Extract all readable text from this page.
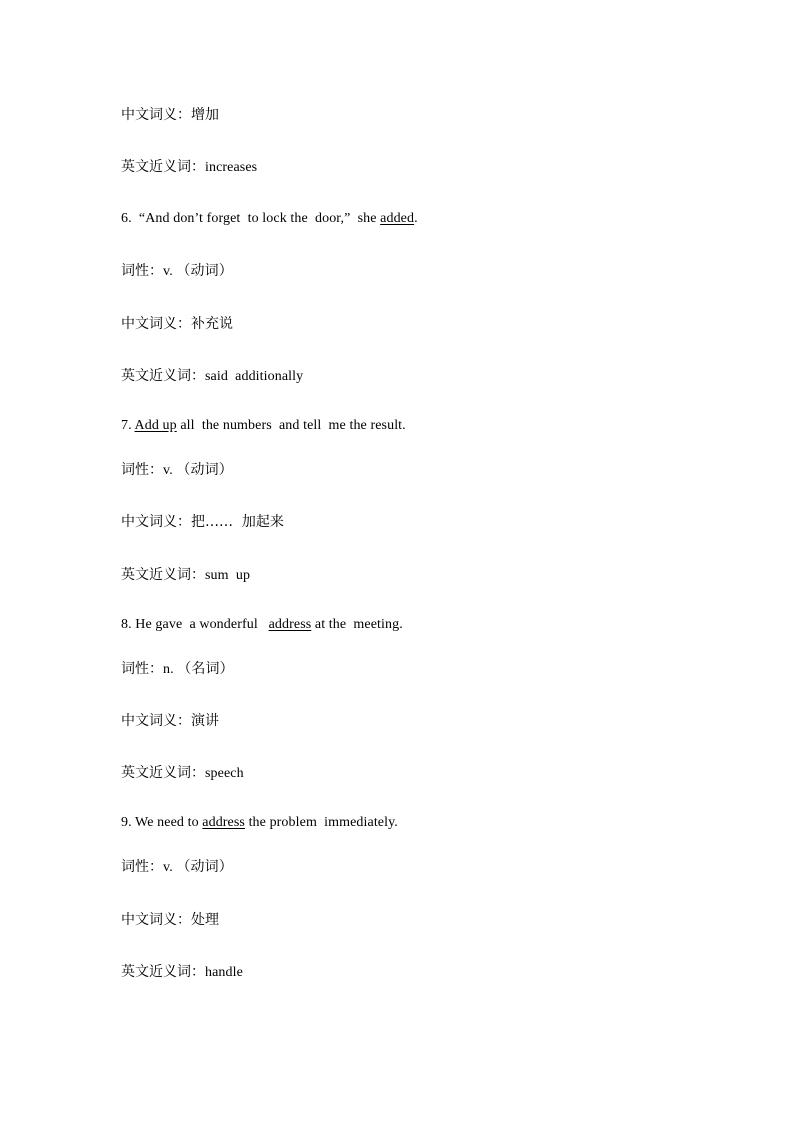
中文词义：增加
英文近义词：increases
6.  “And don’t forget  to lock the  door,”  she added.
词性：v. （动词）
中文词义：补充说
英文近义词：said  additionally
7. Add up all  the numbers  and tell  me the result.
词性：v. （动词）
中文词义：把……  加起来
英文近义词：sum  up
8. He gave  a wonderful   address at the  meeting.
词性：n. （名词）
中文词义：演讲
英文近义词：speech
9. We need to address the problem  immediately.
词性：v. （动词）
中文词义：处理
英文近义词：handle
